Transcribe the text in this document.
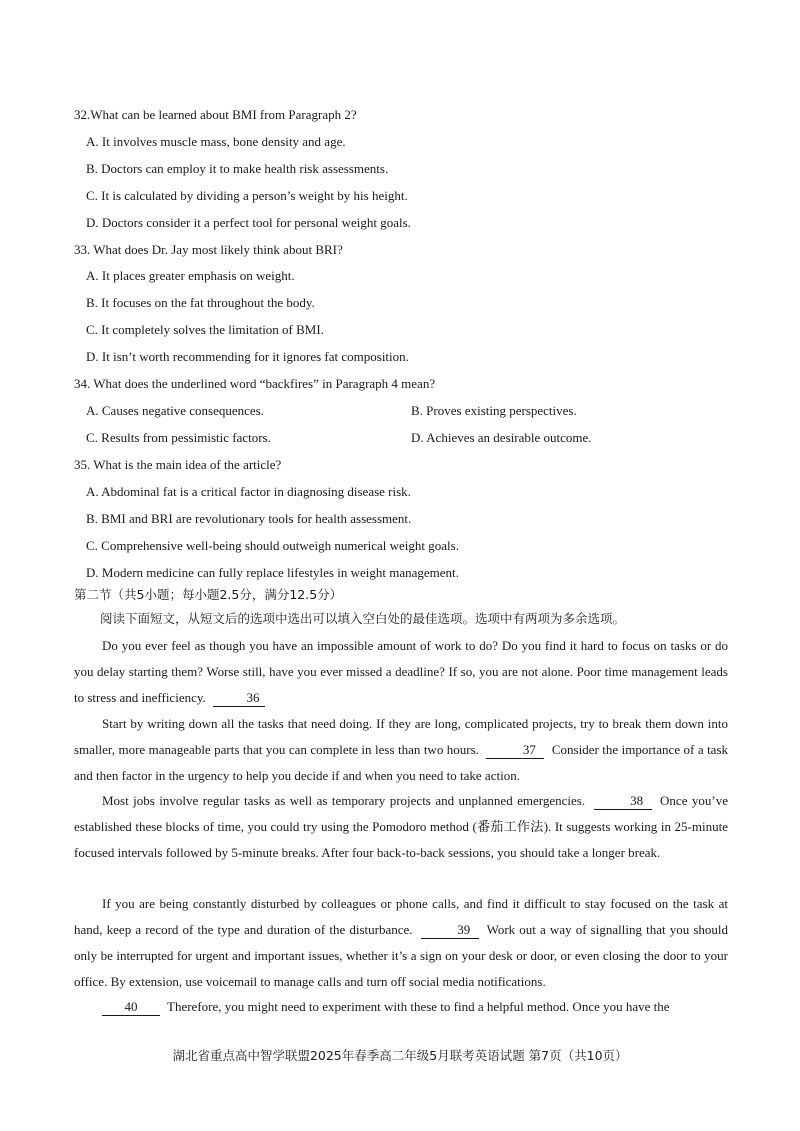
32.What can be learned about BMI from Paragraph 2?
A. It involves muscle mass, bone density and age.
B. Doctors can employ it to make health risk assessments.
C. It is calculated by dividing a person’s weight by his height.
D. Doctors consider it a perfect tool for personal weight goals.
33. What does Dr. Jay most likely think about BRI?
A. It places greater emphasis on weight.
B. It focuses on the fat throughout the body.
C. It completely solves the limitation of BMI.
D. It isn’t worth recommending for it ignores fat composition.
34. What does the underlined word “backfires” in Paragraph 4 mean?
A. Causes negative consequences.	B. Proves existing perspectives.
C. Results from pessimistic factors.	D. Achieves an desirable outcome.
35. What is the main idea of the article?
A. Abdominal fat is a critical factor in diagnosing disease risk.
B. BMI and BRI are revolutionary tools for health assessment.
C. Comprehensive well-being should outweigh numerical weight goals.
D. Modern medicine can fully replace lifestyles in weight management.
第二节（共5小题；每小题2.5分，满分12.5分）
阅读下面短文，从短文后的选项中选出可以填入空白处的最佳选项。选项中有两项为多余选项。
Do you ever feel as though you have an impossible amount of work to do? Do you find it hard to focus on tasks or do you delay starting them? Worse still, have you ever missed a deadline? If so, you are not alone. Poor time management leads to stress and inefficiency.	36
Start by writing down all the tasks that need doing. If they are long, complicated projects, try to break them down into smaller, more manageable parts that you can complete in less than two hours.	37 Consider the importance of a task and then factor in the urgency to help you decide if and when you need to take action.
Most jobs involve regular tasks as well as temporary projects and unplanned emergencies.	38 Once you’ve established these blocks of time, you could try using the Pomodoro method (番茄工作法). It suggests working in 25-minute focused intervals followed by 5-minute breaks. After four back-to-back sessions, you should take a longer break.
If you are being constantly disturbed by colleagues or phone calls, and find it difficult to stay focused on the task at hand, keep a record of the type and duration of the disturbance.	39 Work out a way of signalling that you should only be interrupted for urgent and important issues, whether it’s a sign on your desk or door, or even closing the door to your office. By extension, use voicemail to manage calls and turn off social media notifications.
40 Therefore, you might need to experiment with these to find a helpful method. Once you have the
湖北省重点高中智学联盟2025年春季高二年级5月联考英语试题 第7页（共10页）
